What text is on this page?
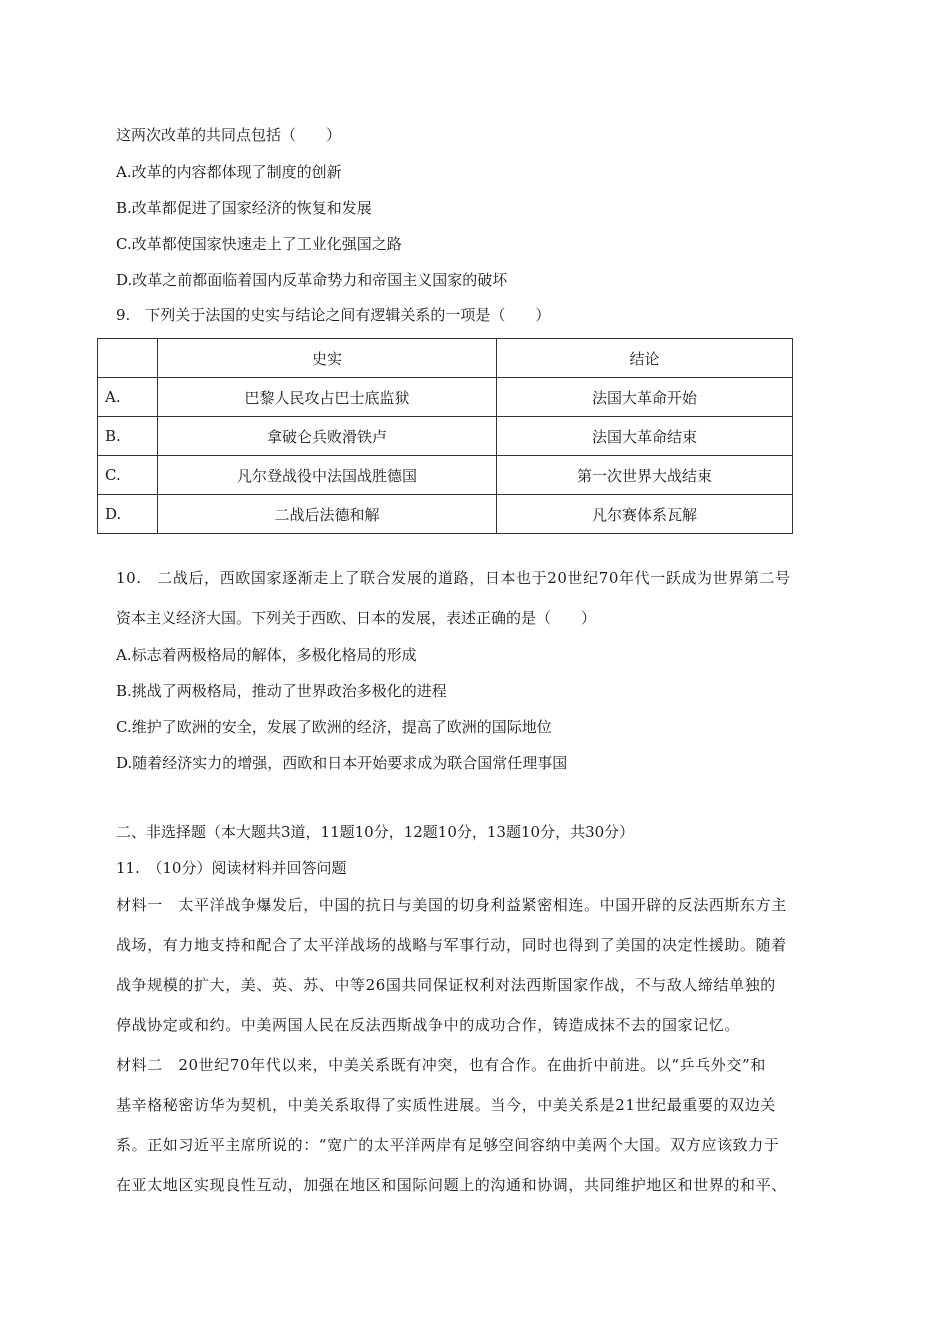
这两次改革的共同点包括（　　）
A.改革的内容都体现了制度的创新
B.改革都促进了国家经济的恢复和发展
C.改革都使国家快速走上了工业化强国之路
D.改革之前都面临着国内反革命势力和帝国主义国家的破坏
9.　下列关于法国的史实与结论之间有逻辑关系的一项是（　　）
	史实	结论
A.	巴黎人民攻占巴士底监狱	法国大革命开始
B.	拿破仑兵败滑铁卢	法国大革命结束
C.	凡尔登战役中法国战胜德国	第一次世界大战结束
D.	二战后法德和解	凡尔赛体系瓦解
10.　二战后，西欧国家逐渐走上了联合发展的道路，日本也于20世纪70年代一跃成为世界第二号
资本主义经济大国。下列关于西欧、日本的发展，表述正确的是（　　）
A.标志着两极格局的解体，多极化格局的形成
B.挑战了两极格局，推动了世界政治多极化的进程
C.维护了欧洲的安全，发展了欧洲的经济，提高了欧洲的国际地位
D.随着经济实力的增强，西欧和日本开始要求成为联合国常任理事国
二、非选择题（本大题共3道，11题10分，12题10分，13题10分，共30分）
11.　（10分）阅读材料并回答问题
材料一　太平洋战争爆发后，中国的抗日与美国的切身利益紧密相连。中国开辟的反法西斯东方主
战场，有力地支持和配合了太平洋战场的战略与军事行动，同时也得到了美国的决定性援助。随着
战争规模的扩大，美、英、苏、中等26国共同保证权利对法西斯国家作战，不与敌人缔结单独的
停战协定或和约。中美两国人民在反法西斯战争中的成功合作，铸造成抹不去的国家记忆。
材料二　20世纪70年代以来，中美关系既有冲突，也有合作。在曲折中前进。以“乒乓外交”和
基辛格秘密访华为契机，中美关系取得了实质性进展。当今，中美关系是21世纪最重要的双边关
系。正如习近平主席所说的：“宽广的太平洋两岸有足够空间容纳中美两个大国。双方应该致力于
在亚太地区实现良性互动，加强在地区和国际问题上的沟通和协调，共同维护地区和世界的和平、
